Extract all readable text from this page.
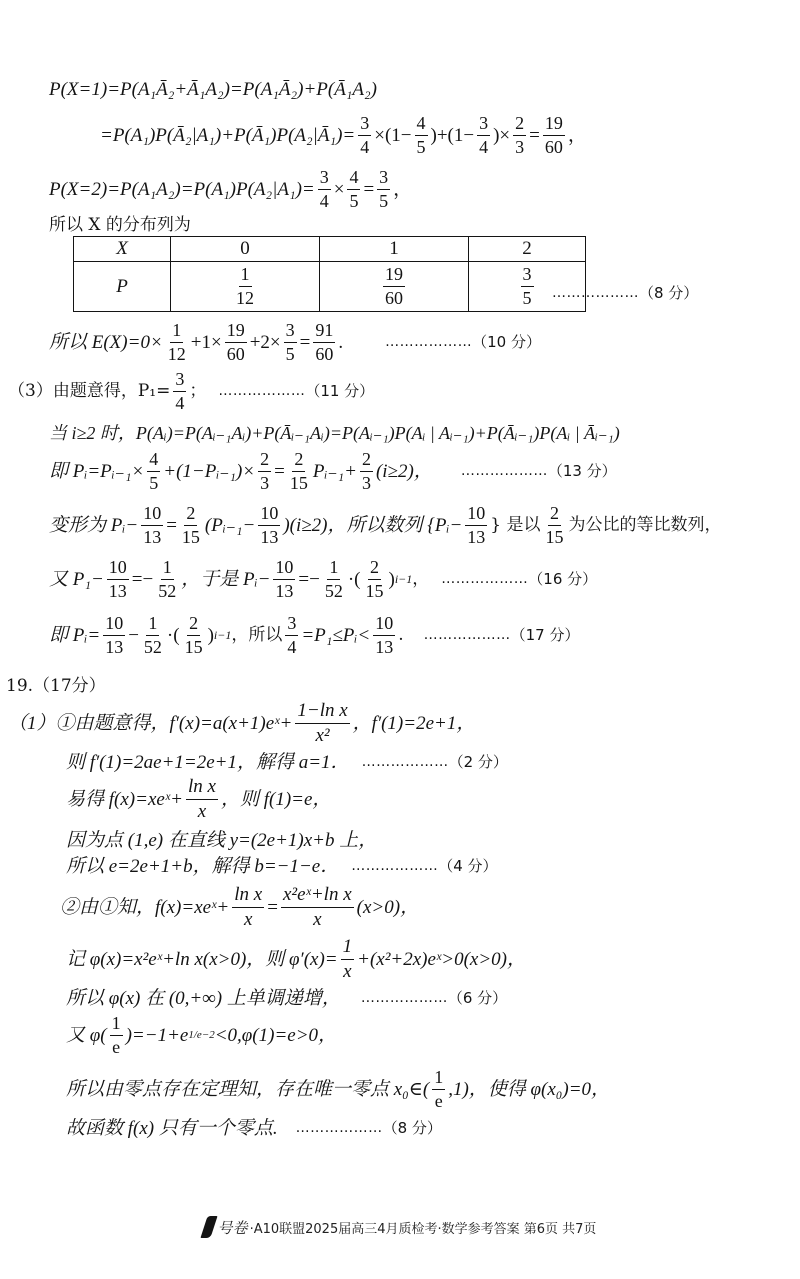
P(X=1)=P(A₁Ā₂+Ā₁A₂)=P(A₁Ā₂)+P(Ā₁A₂)
=P(A₁)P(Ā₂|A₁)+P(Ā₁)P(A₂|Ā₁)= $\frac{3}{4} \times(1- \frac{4}{5} )+(1- \frac{3}{4}$ )× $\frac{2}{3} = \frac{19}{60}$ ，
$P(X=2)=P(A_1A_2)=P(A_1)P(A_2|A_1)= \frac{3}{4} \times \frac{4}{5} = \frac{3}{5}$ ，
所以 X 的分布列为
X	0	1	2
P	$\frac{1}{12}$	$\frac{19}{60}$	$\frac{3}{5}$ ……………… （8 分）
所以 $E(X)=0\times \frac{1}{12} +1\times \frac{19}{60} +2\times \frac{3}{5} = \frac{91}{60}$ .	……………… （10 分）
（3）由题意得，$P_1= \frac{3}{4}$ ； ……………… （11 分）
当 i≥2 时，P(Aᵢ)=P(Aᵢ₋₁Aᵢ)+P(Āᵢ₋₁Aᵢ)=P(Aᵢ₋₁)P(Aᵢ | Aᵢ₋₁)+P(Āᵢ₋₁)P(Aᵢ | Āᵢ₋₁)
即 Pᵢ=Pᵢ₋₁× $\frac{4}{5}$ +(1−Pᵢ₋₁)× $\frac{2}{3} = \frac{2}{15}$ Pᵢ₋₁+ $\frac{2}{3} (i\ge 2)$， ……………… （13 分）
变形为 Pᵢ− $\frac{10}{13} = \frac{2}{15}$ (Pᵢ₋₁− $\frac{10}{13} )(i\ge 2)$，所以数列 {Pᵢ− $\frac{10}{13}$ } 是以
2
15
为公比的等比数列，
又 $P_1- \frac{10}{13} =- \frac{1}{52}$ ，于是 Pᵢ− $\frac{10}{13} =- \frac{1}{52}$ ·(
2
15
) i−1 ， ……………… （16 分）
即 Pᵢ= $\frac{10}{13} - \frac{1}{52}$ ·(
2
15
) i−1 ，所以 $\frac{3}{4}$ =P₁≤Pᵢ<
10
13
. ……………… （17 分）
19.（17分）
（1）①由题意得，f′(x)=a(x+1)eˣ+ $\frac{\text{1−ln x}}{\text{x²}}$ ，f′(1)=2e+1，
则 f′(1)=2ae+1=2e+1，解得 a=1． ……………… （2 分）
易得 f(x)=xeˣ+ $\frac{\text{ln x}}{x}$ ，则 f(1)=e，
因为点 (1,e) 在直线 y=(2e+1)x+b 上，
所以 e=2e+1+b，解得 b=−1−e． ……………… （4 分）
②由①知，f(x)=xeˣ+ $\frac{\text{ln x}}{x} = \frac{\text{x²eˣ+ln x}}{x} (x>0)$，
记 φ(x)=x²eˣ+ln x(x>0)，则 $\varphi'(x)= \frac{1}{x}$ +(x²+2x)eˣ>0(x>0)，
所以 φ(x) 在 (0,+∞) 上单调递增， ……………… （6 分）
又 φ(
1
e
)=−1+e 1/e−2 <0,φ(1)=e>0，
所以由零点存在定理知，存在唯一零点 x₀∈(
1
e
,1)，使得 φ(x₀)=0，
故函数 f(x) 只有一个零点. ……………… （8 分）
号卷 ·A10联盟2025届高三4月质检考·数学参考答案 第6页 共7页
